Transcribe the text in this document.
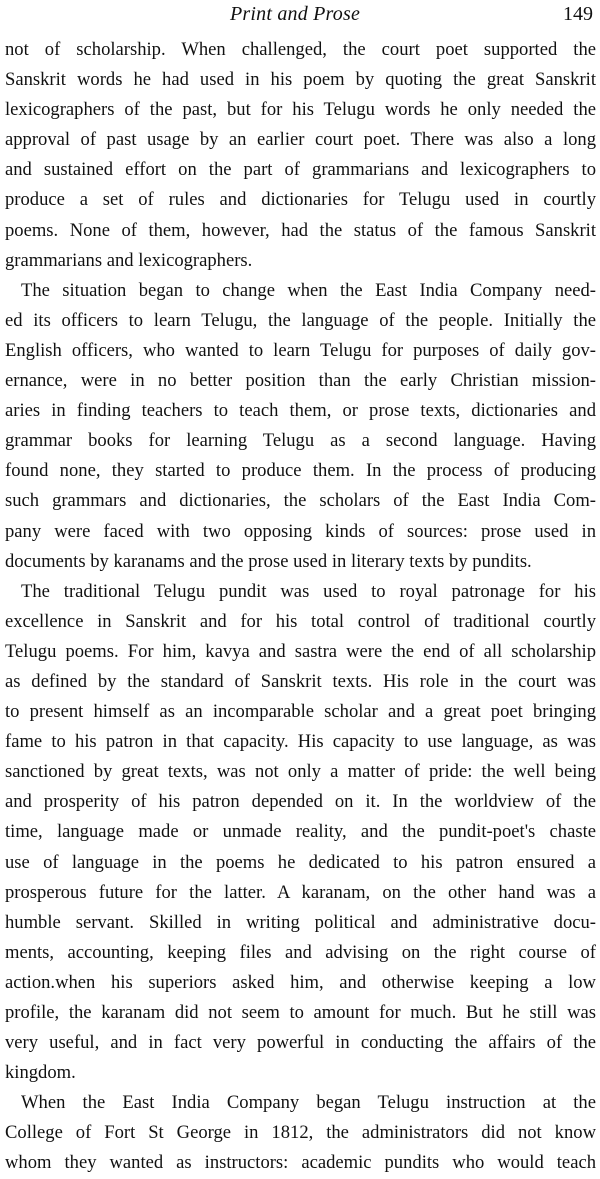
Print and Prose	149
not of scholarship. When challenged, the court poet supported the
Sanskrit words he had used in his poem by quoting the great Sanskrit
lexicographers of the past, but for his Telugu words he only needed the
approval of past usage by an earlier court poet. There was also a long
and sustained effort on the part of grammarians and lexicographers to
produce a set of rules and dictionaries for Telugu used in courtly
poems. None of them, however, had the status of the famous Sanskrit
grammarians and lexicographers.
The situation began to change when the East India Company need-
ed its officers to learn Telugu, the language of the people. Initially the
English officers, who wanted to learn Telugu for purposes of daily gov-
ernance, were in no better position than the early Christian mission-
aries in finding teachers to teach them, or prose texts, dictionaries and
grammar books for learning Telugu as a second language. Having
found none, they started to produce them. In the process of producing
such grammars and dictionaries, the scholars of the East India Com-
pany were faced with two opposing kinds of sources: prose used in
documents by karanams and the prose used in literary texts by pundits.
The traditional Telugu pundit was used to royal patronage for his
excellence in Sanskrit and for his total control of traditional courtly
Telugu poems. For him, kavya and sastra were the end of all scholarship
as defined by the standard of Sanskrit texts. His role in the court was
to present himself as an incomparable scholar and a great poet bringing
fame to his patron in that capacity. His capacity to use language, as was
sanctioned by great texts, was not only a matter of pride: the well being
and prosperity of his patron depended on it. In the worldview of the
time, language made or unmade reality, and the pundit-poet's chaste
use of language in the poems he dedicated to his patron ensured a
prosperous future for the latter. A karanam, on the other hand was a
humble servant. Skilled in writing political and administrative docu-
ments, accounting, keeping files and advising on the right course of
action.when his superiors asked him, and otherwise keeping a low
profile, the karanam did not seem to amount for much. But he still was
very useful, and in fact very powerful in conducting the affairs of the
kingdom.
When the East India Company began Telugu instruction at the
College of Fort St George in 1812, the administrators did not know
whom they wanted as instructors: academic pundits who would teach
